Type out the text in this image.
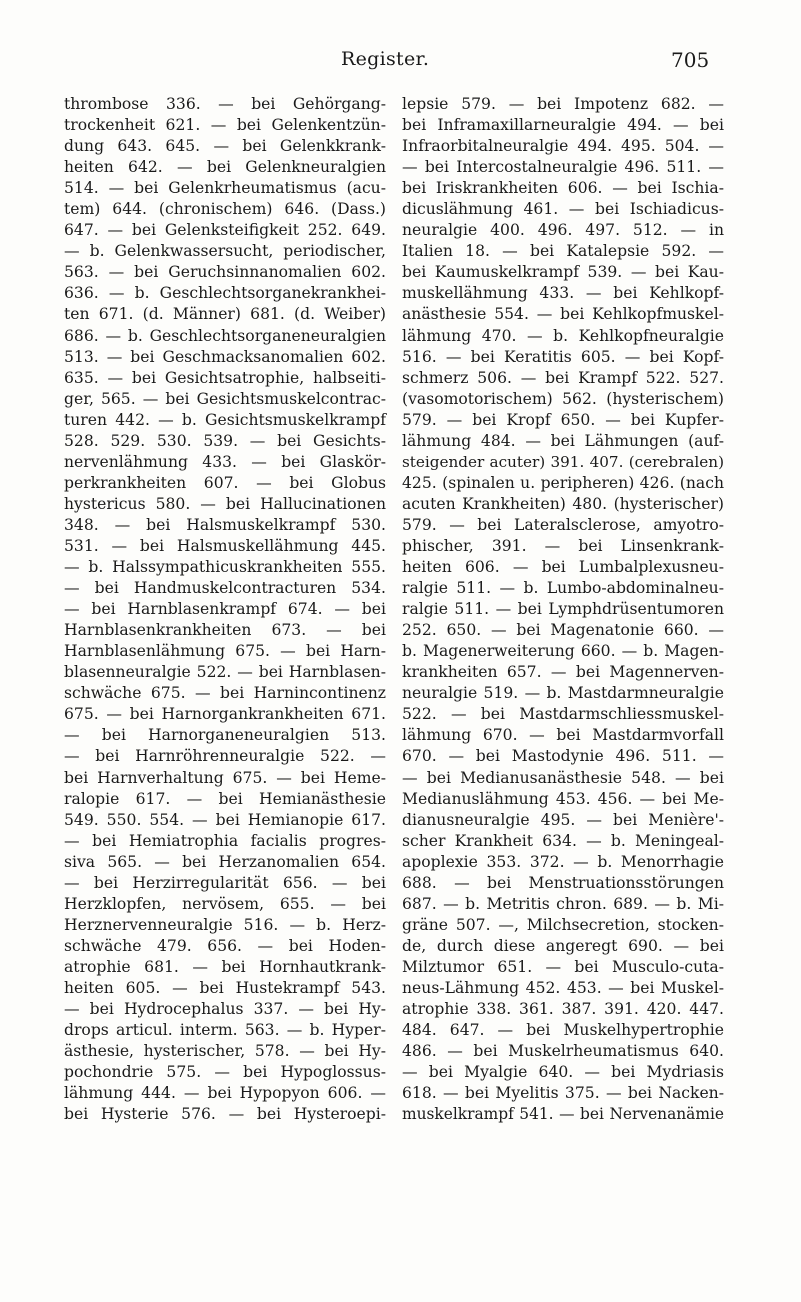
Register.	705
thrombose 336. — bei Gehörgang-
trockenheit 621. — bei Gelenkentzün-
dung 643. 645. — bei Gelenkkrank-
heiten 642. — bei Gelenkneuralgien
514. — bei Gelenkrheumatismus (acu-
tem) 644. (chronischem) 646. (Dass.)
647. — bei Gelenksteifigkeit 252. 649.
— b. Gelenkwassersucht, periodischer,
563. — bei Geruchsinnanomalien 602.
636. — b. Geschlechtsorganekrankhei-
ten 671. (d. Männer) 681. (d. Weiber)
686. — b. Geschlechtsorganeneuralgien
513. — bei Geschmacksanomalien 602.
635. — bei Gesichtsatrophie, halbseiti-
ger, 565. — bei Gesichtsmuskelcontrac-
turen 442. — b. Gesichtsmuskelkrampf
528. 529. 530. 539. — bei Gesichts-
nervenlähmung 433. — bei Glaskör-
perkrankheiten 607. — bei Globus
hystericus 580. — bei Hallucinationen
348. — bei Halsmuskelkrampf 530.
531. — bei Halsmuskellähmung 445.
— b. Halssympathicuskrankheiten 555.
— bei Handmuskelcontracturen 534.
— bei Harnblasenkrampf 674. — bei
Harnblasenkrankheiten 673. — bei
Harnblasenlähmung 675. — bei Harn-
blasenneuralgie 522. — bei Harnblasen-
schwäche 675. — bei Harnincontinenz
675. — bei Harnorgankrankheiten 671.
— bei Harnorganeneuralgien 513.
— bei Harnröhrenneuralgie 522. —
bei Harnverhaltung 675. — bei Heme-
ralopie 617. — bei Hemianästhesie
549. 550. 554. — bei Hemianopie 617.
— bei Hemiatrophia facialis progres-
siva 565. — bei Herzanomalien 654.
— bei Herzirregularität 656. — bei
Herzklopfen, nervösem, 655. — bei
Herznervenneuralgie 516. — b. Herz-
schwäche 479. 656. — bei Hoden-
atrophie 681. — bei Hornhautkrank-
heiten 605. — bei Hustekrampf 543.
— bei Hydrocephalus 337. — bei Hy-
drops articul. interm. 563. — b. Hyper-
ästhesie, hysterischer, 578. — bei Hy-
pochondrie 575. — bei Hypoglossus-
lähmung 444. — bei Hypopyon 606. —
bei Hysterie 576. — bei Hysteroepi-
lepsie 579. — bei Impotenz 682. —
bei Inframaxillarneuralgie 494. — bei
Infraorbitalneuralgie 494. 495. 504. —
— bei Intercostalneuralgie 496. 511. —
bei Iriskrankheiten 606. — bei Ischia-
dicuslähmung 461. — bei Ischiadicus-
neuralgie 400. 496. 497. 512. — in
Italien 18. — bei Katalepsie 592. —
bei Kaumuskelkrampf 539. — bei Kau-
muskellähmung 433. — bei Kehlkopf-
anästhesie 554. — bei Kehlkopfmuskel-
lähmung 470. — b. Kehlkopfneuralgie
516. — bei Keratitis 605. — bei Kopf-
schmerz 506. — bei Krampf 522. 527.
(vasomotorischem) 562. (hysterischem)
579. — bei Kropf 650. — bei Kupfer-
lähmung 484. — bei Lähmungen (auf-
steigender acuter) 391. 407. (cerebralen)
425. (spinalen u. peripheren) 426. (nach
acuten Krankheiten) 480. (hysterischer)
579. — bei Lateralsclerose, amyotro-
phischer, 391. — bei Linsenkrank-
heiten 606. — bei Lumbalplexusneu-
ralgie 511. — b. Lumbo-abdominalneu-
ralgie 511. — bei Lymphdrüsentumoren
252. 650. — bei Magenatonie 660. —
b. Magenerweiterung 660. — b. Magen-
krankheiten 657. — bei Magennerven-
neuralgie 519. — b. Mastdarmneuralgie
522. — bei Mastdarmschliessmuskel-
lähmung 670. — bei Mastdarmvorfall
670. — bei Mastodynie 496. 511. —
— bei Medianusanästhesie 548. — bei
Medianuslähmung 453. 456. — bei Me-
dianusneuralgie 495. — bei Menière'-
scher Krankheit 634. — b. Meningeal-
apoplexie 353. 372. — b. Menorrhagie
688. — bei Menstruationsstörungen
687. — b. Metritis chron. 689. — b. Mi-
gräne 507. —, Milchsecretion, stocken-
de, durch diese angeregt 690. — bei
Milztumor 651. — bei Musculo-cuta-
neus-Lähmung 452. 453. — bei Muskel-
atrophie 338. 361. 387. 391. 420. 447.
484. 647. — bei Muskelhypertrophie
486. — bei Muskelrheumatismus 640.
— bei Myalgie 640. — bei Mydriasis
618. — bei Myelitis 375. — bei Nacken-
muskelkrampf 541. — bei Nervenanämie
